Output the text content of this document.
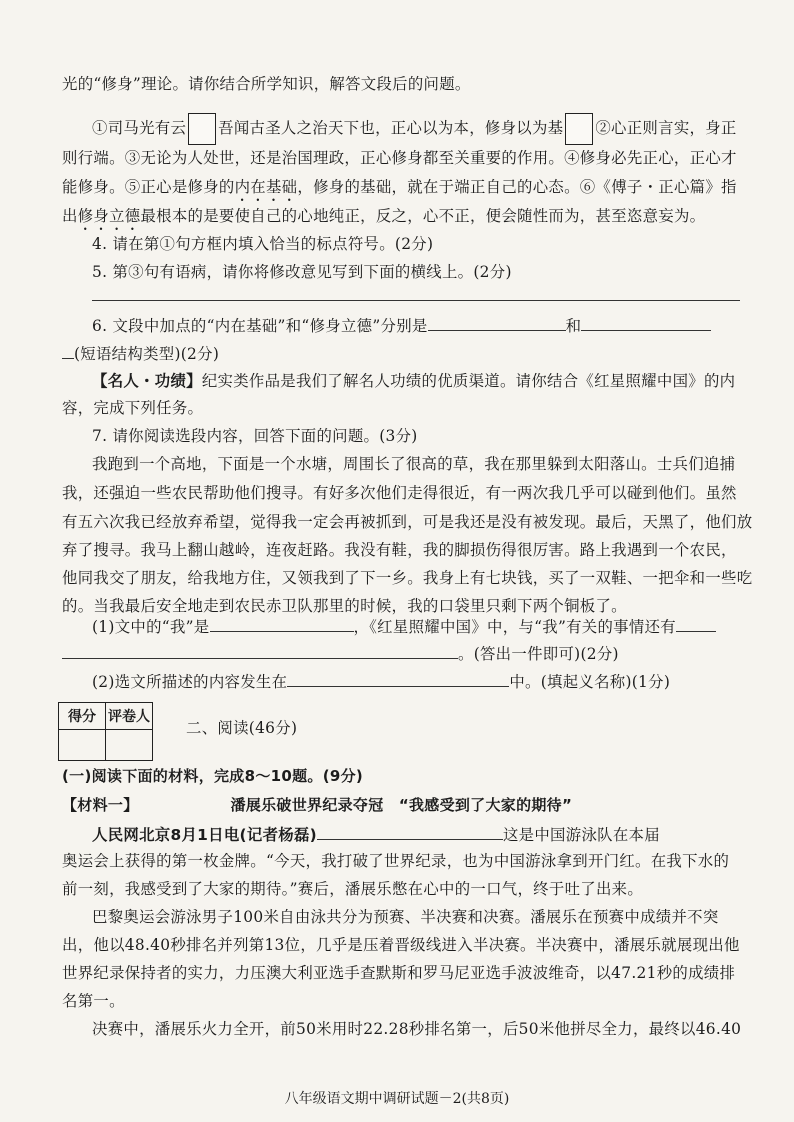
光的“修身”理论。请你结合所学知识，解答文段后的问题。
①司马光有云 吾闻古圣人之治天下也，正心以为本，修身以为基 ②心正则言实，身正
则行端。③无论为人处世，还是治国理政，正心修身都至关重要的作用。④修身必先正心，正心才
能修身。⑤正心是修身的内在基础，修身的基础，就在于端正自己的心态。⑥《傅子・正心篇》指
出修身立德最根本的是要使自己的心地纯正，反之，心不正，便会随性而为，甚至恣意妄为。
4. 请在第①句方框内填入恰当的标点符号。(2分)
5. 第③句有语病，请你将修改意见写到下面的横线上。(2分)
6. 文段中加点的“内在基础”和“修身立德”分别是	和
(短语结构类型)(2分)
【名人・功绩】纪实类作品是我们了解名人功绩的优质渠道。请你结合《红星照耀中国》的内
容，完成下列任务。
7. 请你阅读选段内容，回答下面的问题。(3分)
我跑到一个高地，下面是一个水塘，周围长了很高的草，我在那里躲到太阳落山。士兵们追捕
我，还强迫一些农民帮助他们搜寻。有好多次他们走得很近，有一两次我几乎可以碰到他们。虽然
有五六次我已经放弃希望，觉得我一定会再被抓到，可是我还是没有被发现。最后，天黑了，他们放
弃了搜寻。我马上翻山越岭，连夜赶路。我没有鞋，我的脚损伤得很厉害。路上我遇到一个农民，
他同我交了朋友，给我地方住，又领我到了下一乡。我身上有七块钱，买了一双鞋、一把伞和一些吃
的。当我最后安全地走到农民赤卫队那里的时候，我的口袋里只剩下两个铜板了。
(1)文中的“我”是	，《红星照耀中国》中，与“我”有关的事情还有
。(答出一件即可)(2分)
(2)选文所描述的内容发生在	中。(填起义名称)(1分)
得分	评卷人

二、阅读(46分)
(一)阅读下面的材料，完成8～10题。(9分)
【材料一】	潘展乐破世界纪录夺冠　“我感受到了大家的期待”
人民网北京8月1日电(记者杨磊)	这是中国游泳队在本届
奥运会上获得的第一枚金牌。“今天，我打破了世界纪录，也为中国游泳拿到开门红。在我下水的
前一刻，我感受到了大家的期待。”赛后，潘展乐憋在心中的一口气，终于吐了出来。
巴黎奥运会游泳男子100米自由泳共分为预赛、半决赛和决赛。潘展乐在预赛中成绩并不突
出，他以48.40秒排名并列第13位，几乎是压着晋级线进入半决赛。半决赛中，潘展乐就展现出他
世界纪录保持者的实力，力压澳大利亚选手查默斯和罗马尼亚选手波波维奇，以47.21秒的成绩排
名第一。
决赛中，潘展乐火力全开，前50米用时22.28秒排名第一，后50米他拼尽全力，最终以46.40
八年级语文期中调研试题－2(共8页)
